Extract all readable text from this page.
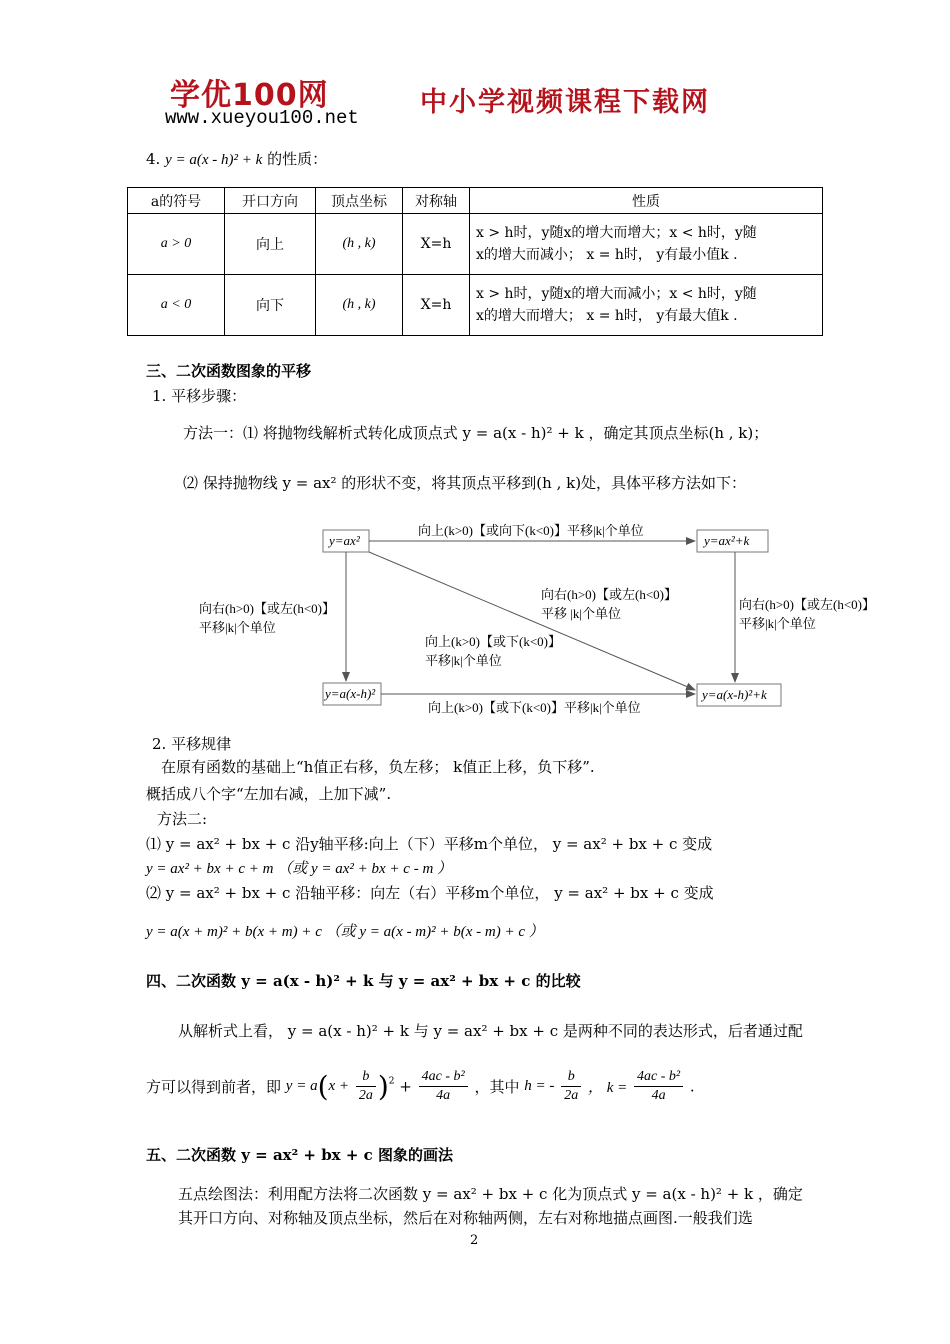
学优100网
www.xueyou100.net 中小学视频课程下载网
4. y = a(x - h)² + k 的性质：
a的符号	开口方向	顶点坐标	对称轴	性质
a > 0	向上	(h , k)	X=h	x > h时，y随x的增大而增大；x < h时，y随
x的增大而减小； x = h时， y有最小值k .

a < 0	向下	(h , k)	X=h	x > h时，y随x的增大而减小；x < h时，y随
x的增大而增大； x = h时， y有最大值k .
三、二次函数图象的平移
1. 平移步骤：
方法一：⑴ 将抛物线解析式转化成顶点式 y = a(x - h)² + k ，确定其顶点坐标(h , k)；
⑵ 保持抛物线 y = ax² 的形状不变，将其顶点平移到(h , k)处，具体平移方法如下：
y=ax²	y=ax²+k
y=a(x-h)²	y=a(x-h)²+k
向上(k>0)【或向下(k<0)】平移|k|个单位
向上(k>0)【或下(k<0)】平移|k|个单位
向右(h>0)【或左(h<0)】
平移|k|个单位
向右(h>0)【或左(h<0)】
平移|k|个单位
向右(h>0)【或左(h<0)】
平移 |k|个单位
向上(k>0)【或下(k<0)】
平移|k|个单位
2. 平移规律
在原有函数的基础上“h值正右移，负左移； k值正上移，负下移”.
概括成八个字“左加右减，上加下减”.
方法二:
⑴ y = ax² + bx + c 沿y轴平移:向上（下）平移m个单位， y = ax² + bx + c 变成
y = ax² + bx + c + m （或 y = ax² + bx + c - m ）
⑵ y = ax² + bx + c 沿轴平移：向左（右）平移m个单位， y = ax² + bx + c 变成
y = a(x + m)² + b(x + m) + c （或 y = a(x - m)² + b(x - m) + c ）
四、二次函数 y = a(x - h)² + k 与 y = ax² + bx + c 的比较
从解析式上看， y = a(x - h)² + k 与 y = ax² + bx + c 是两种不同的表达形式，后者通过配
方可以得到前者，即 $y = a(x + \frac{b}{2a} )^2 + \frac{\text{4ac - b²}}{4a}$ ，其中 h = - $\frac{b}{2a}$ ， $k = \frac{\text{4ac - b²}}{4a}$ .
五、二次函数 y = ax² + bx + c 图象的画法
五点绘图法：利用配方法将二次函数 y = ax² + bx + c 化为顶点式 y = a(x - h)² + k ，确定
其开口方向、对称轴及顶点坐标，然后在对称轴两侧，左右对称地描点画图.一般我们选
2
